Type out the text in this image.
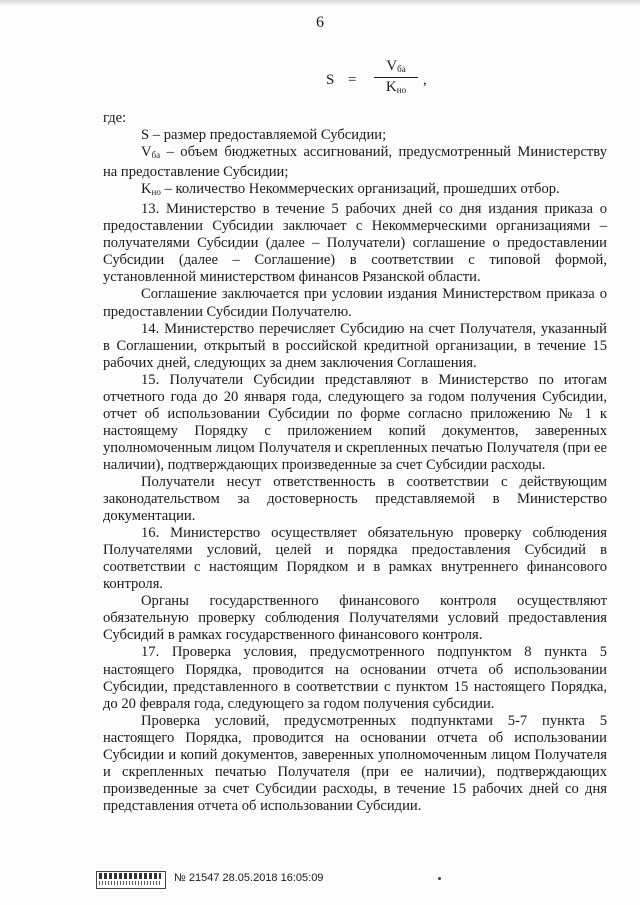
6
S =
$V_{ба}$
$K_{но}$
,

где:

S – размер предоставляемой Субсидии;

$V_{ба}$ – объем бюджетных ассигнований, предусмотренный Министерству на предоставление Субсидии;

$K_{но}$ – количество Некоммерческих организаций, прошедших отбор.

13. Министерство в течение 5 рабочих дней со дня издания приказа о предоставлении Субсидии заключает с Некоммерческими организациями – получателями Субсидии (далее – Получатели) соглашение о предоставлении Субсидии (далее – Соглашение) в соответствии с типовой формой, установленной министерством финансов Рязанской области.

Соглашение заключается при условии издания Министерством приказа о предоставлении Субсидии Получателю.

14. Министерство перечисляет Субсидию на счет Получателя, указанный в Соглашении, открытый в российской кредитной организации, в течение 15 рабочих дней, следующих за днем заключения Соглашения.

15. Получатели Субсидии представляют в Министерство по итогам отчетного года до 20 января года, следующего за годом получения Субсидии, отчет об использовании Субсидии по форме согласно приложению № 1 к настоящему Порядку с приложением копий документов, заверенных уполномоченным лицом Получателя и скрепленных печатью Получателя (при ее наличии), подтверждающих произведенные за счет Субсидии расходы.

Получатели несут ответственность в соответствии с действующим законодательством за достоверность представляемой в Министерство документации.

16. Министерство осуществляет обязательную проверку соблюдения Получателями условий, целей и порядка предоставления Субсидий в соответствии с настоящим Порядком и в рамках внутреннего финансового контроля.

Органы государственного финансового контроля осуществляют обязательную проверку соблюдения Получателями условий предоставления Субсидий в рамках государственного финансового контроля.

17. Проверка условия, предусмотренного подпунктом 8 пункта 5 настоящего Порядка, проводится на основании отчета об использовании Субсидии, представленного в соответствии с пунктом 15 настоящего Порядка, до 20 февраля года, следующего за годом получения субсидии.

Проверка условий, предусмотренных подпунктами 5-7 пункта 5 настоящего Порядка, проводится на основании отчета об использовании Субсидии и копий документов, заверенных уполномоченным лицом Получателя и скрепленных печатью Получателя (при ее наличии), подтверждающих произведенные за счет Субсидии расходы, в течение 15 рабочих дней со дня представления отчета об использовании Субсидии.

№ 21547 28.05.2018 16:05:09
